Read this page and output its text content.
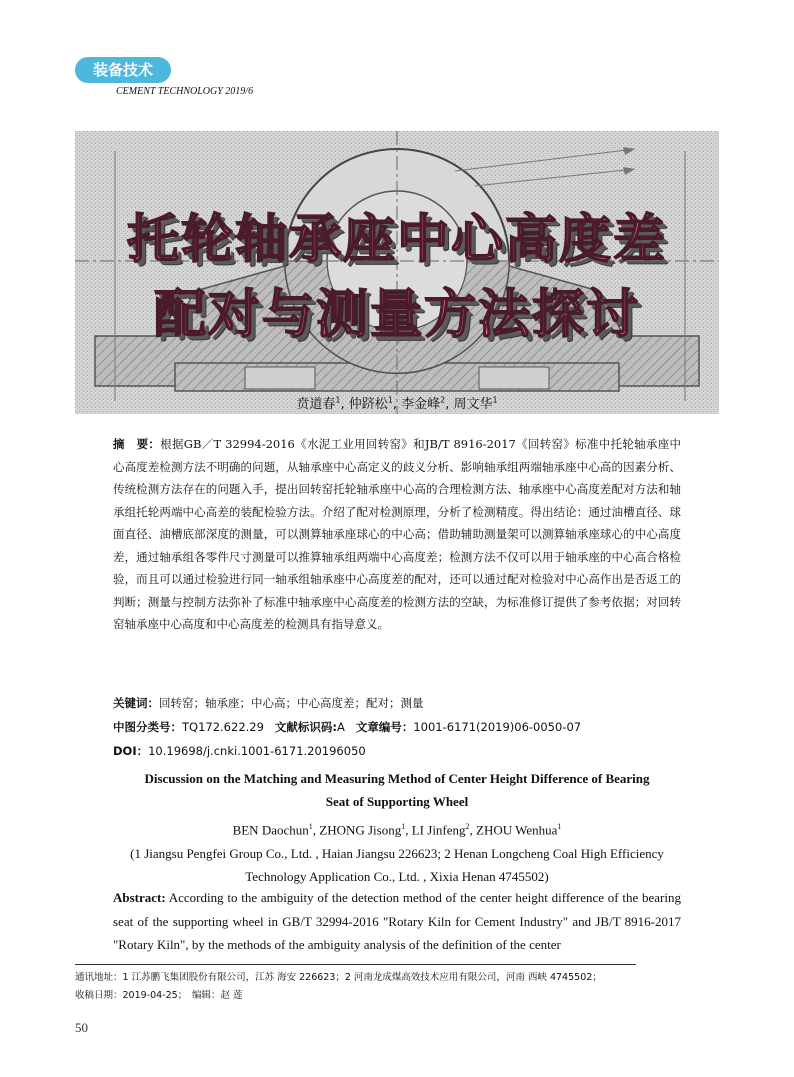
装备技术
CEMENT TECHNOLOGY 2019/6
托轮轴承座中心高度差
配对与测量方法探讨
贲道春$^1$, 仲跻松$^1$, 李金峰$^2$, 周文华$^1$
摘　要：根据GB／T 32994-2016《水泥工业用回转窑》和JB/T 8916-2017《回转窑》标准中托轮轴承座中心高度差检测方法不明确的问题，从轴承座中心高定义的歧义分析、影响轴承组两端轴承座中心高的因素分析、传统检测方法存在的问题入手，提出回转窑托轮轴承座中心高的合理检测方法、轴承座中心高度差配对方法和轴承组托轮两端中心高差的装配检验方法。介绍了配对检测原理，分析了检测精度。得出结论：通过油槽直径、球面直径、油槽底部深度的测量，可以测算轴承座球心的中心高；借助辅助测量架可以测算轴承座球心的中心高度差，通过轴承组各零件尺寸测量可以推算轴承组两端中心高度差；检测方法不仅可以用于轴承座的中心高合格检验，而且可以通过检验进行同一轴承组轴承座中心高度差的配对，还可以通过配对检验对中心高作出是否返工的判断；测量与控制方法弥补了标准中轴承座中心高度差的检测方法的空缺，为标准修订提供了参考依据；对回转窑轴承座中心高度和中心高度差的检测具有指导意义。
关键词：回转窑；轴承座；中心高；中心高度差；配对；测量
中图分类号：TQ172.622.29 文献标识码:A 文章编号：1001-6171(2019)06-0050-07
DOI：10.19698/j.cnki.1001-6171.20196050
Discussion on the Matching and Measuring Method of Center Height Difference of Bearing
Seat of Supporting Wheel
BEN Daochun$^1$, ZHONG Jisong$^1$, LI Jinfeng$^2$, ZHOU Wenhua$^1$
(1 Jiangsu Pengfei Group Co., Ltd. , Haian Jiangsu 226623; 2 Henan Longcheng Coal High Efficiency Technology Application Co., Ltd. , Xixia Henan 4745502)
Abstract: According to the ambiguity of the detection method of the center height difference of the bearing seat of the supporting wheel in GB/T 32994-2016 "Rotary Kiln for Cement Industry" and JB/T 8916-2017 "Rotary Kiln", by the methods of the ambiguity analysis of the definition of the center
通讯地址：1 江苏鹏飞集团股份有限公司，江苏 海安 226623；2 河南龙成煤高效技术应用有限公司，河南 西峡 4745502；
收稿日期：2019-04-25；　编辑：赵 莲
50
